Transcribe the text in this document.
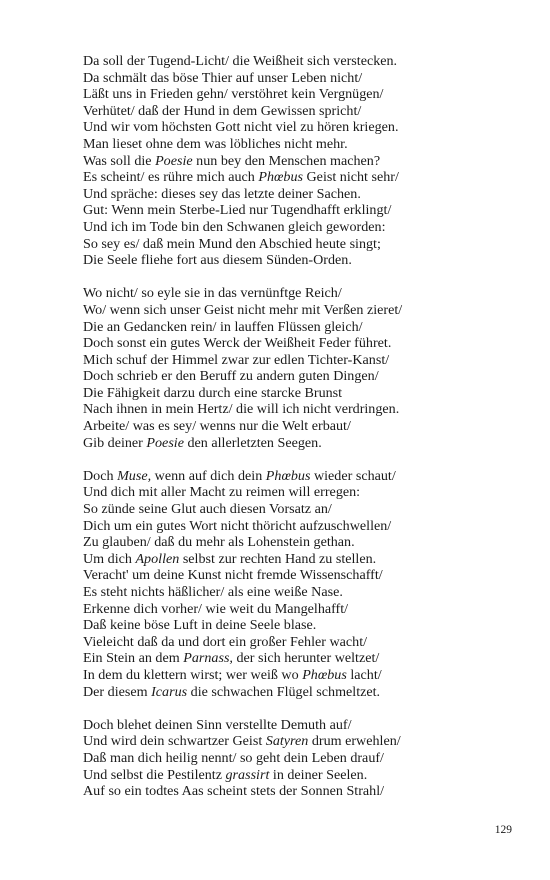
Da soll der Tugend-Licht/ die Weißheit sich verstecken.
Da schmält das böse Thier auf unser Leben nicht/
Läßt uns in Frieden gehn/ verstöhret kein Vergnügen/
Verhütet/ daß der Hund in dem Gewissen spricht/
Und wir vom höchsten Gott nicht viel zu hören kriegen.
Man lieset ohne dem was löbliches nicht mehr.
Was soll die Poesie nun bey den Menschen machen?
Es scheint/ es rühre mich auch Phœbus Geist nicht sehr/
Und spräche: dieses sey das letzte deiner Sachen.
Gut: Wenn mein Sterbe-Lied nur Tugendhafft erklingt/
Und ich im Tode bin den Schwanen gleich geworden:
So sey es/ daß mein Mund den Abschied heute singt;
Die Seele fliehe fort aus diesem Sünden-Orden.
Wo nicht/ so eyle sie in das vernünftge Reich/
Wo/ wenn sich unser Geist nicht mehr mit Verßen zieret/
Die an Gedancken rein/ in lauffen Flüssen gleich/
Doch sonst ein gutes Werck der Weißheit Feder führet.
Mich schuf der Himmel zwar zur edlen Tichter-Kanst/
Doch schrieb er den Beruff zu andern guten Dingen/
Die Fähigkeit darzu durch eine starcke Brunst
Nach ihnen in mein Hertz/ die will ich nicht verdringen.
Arbeite/ was es sey/ wenns nur die Welt erbaut/
Gib deiner Poesie den allerletzten Seegen.
Doch Muse, wenn auf dich dein Phœbus wieder schaut/
Und dich mit aller Macht zu reimen will erregen:
So zünde seine Glut auch diesen Vorsatz an/
Dich um ein gutes Wort nicht thöricht aufzuschwellen/
Zu glauben/ daß du mehr als Lohenstein gethan.
Um dich Apollen selbst zur rechten Hand zu stellen.
Veracht' um deine Kunst nicht fremde Wissenschafft/
Es steht nichts häßlicher/ als eine weiße Nase.
Erkenne dich vorher/ wie weit du Mangelhafft/
Daß keine böse Luft in deine Seele blase.
Vieleicht daß da und dort ein großer Fehler wacht/
Ein Stein an dem Parnass, der sich herunter weltzet/
In dem du klettern wirst; wer weiß wo Phœbus lacht/
Der diesem Icarus die schwachen Flügel schmeltzet.
Doch blehet deinen Sinn verstellte Demuth auf/
Und wird dein schwartzer Geist Satyren drum erwehlen/
Daß man dich heilig nennt/ so geht dein Leben drauf/
Und selbst die Pestilentz grassirt in deiner Seelen.
Auf so ein todtes Aas scheint stets der Sonnen Strahl/
129
